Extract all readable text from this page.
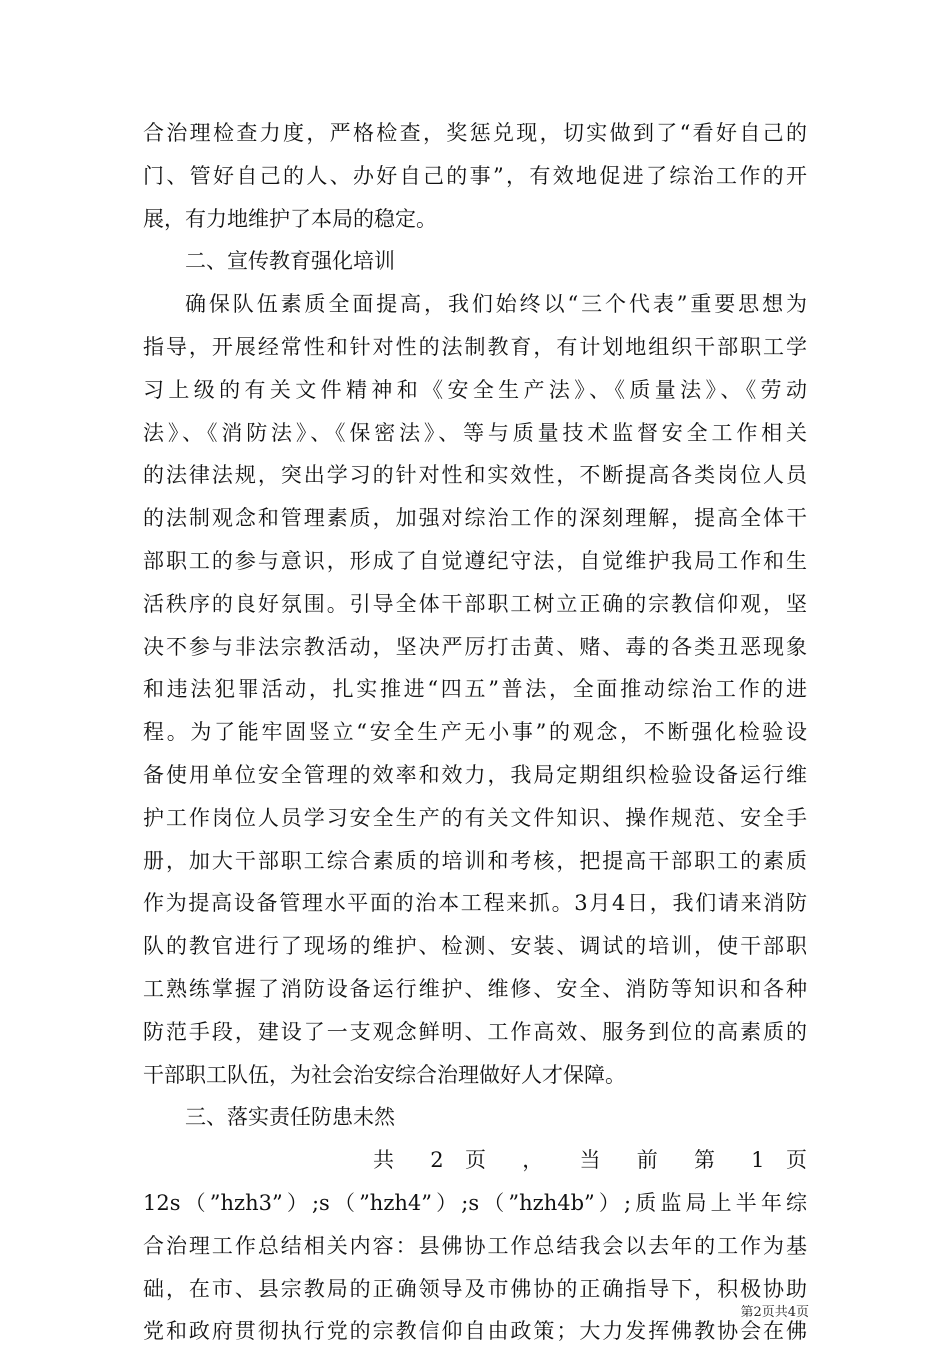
合治理检查力度，严格检查，奖惩兑现，切实做到了“看好自己的
门、管好自己的人、办好自己的事”，有效地促进了综治工作的开
展，有力地维护了本局的稳定。
二、宣传教育强化培训
确保队伍素质全面提高，我们始终以“三个代表”重要思想为
指导，开展经常性和针对性的法制教育，有计划地组织干部职工学
习上级的有关文件精神和《安全生产法》、《质量法》、《劳动
法》、《消防法》、《保密法》、等与质量技术监督安全工作相关
的法律法规，突出学习的针对性和实效性，不断提高各类岗位人员
的法制观念和管理素质，加强对综治工作的深刻理解，提高全体干
部职工的参与意识，形成了自觉遵纪守法，自觉维护我局工作和生
活秩序的良好氛围。引导全体干部职工树立正确的宗教信仰观，坚
决不参与非法宗教活动，坚决严厉打击黄、赌、毒的各类丑恶现象
和违法犯罪活动，扎实推进“四五”普法，全面推动综治工作的进
程。为了能牢固竖立“安全生产无小事”的观念，不断强化检验设
备使用单位安全管理的效率和效力，我局定期组织检验设备运行维
护工作岗位人员学习安全生产的有关文件知识、操作规范、安全手
册，加大干部职工综合素质的培训和考核，把提高干部职工的素质
作为提高设备管理水平面的治本工程来抓。3月4日，我们请来消防
队的教官进行了现场的维护、检测、安装、调试的培训，使干部职
工熟练掌握了消防设备运行维护、维修、安全、消防等知识和各种
防范手段，建设了一支观念鲜明、工作高效、服务到位的高素质的
干部职工队伍，为社会治安综合治理做好人才保障。
三、落实责任防患未然
共 2 页 ， 当 前 第 1 页
12s（”hzh3”）;s（”hzh4”）;s（”hzh4b”）;质监局上半年综
合治理工作总结相关内容：县佛协工作总结我会以去年的工作为基
础，在市、县宗教局的正确领导及市佛协的正确指导下，积极协助
党和政府贯彻执行党的宗教信仰自由政策；大力发挥佛教协会在佛
第2页共4页
